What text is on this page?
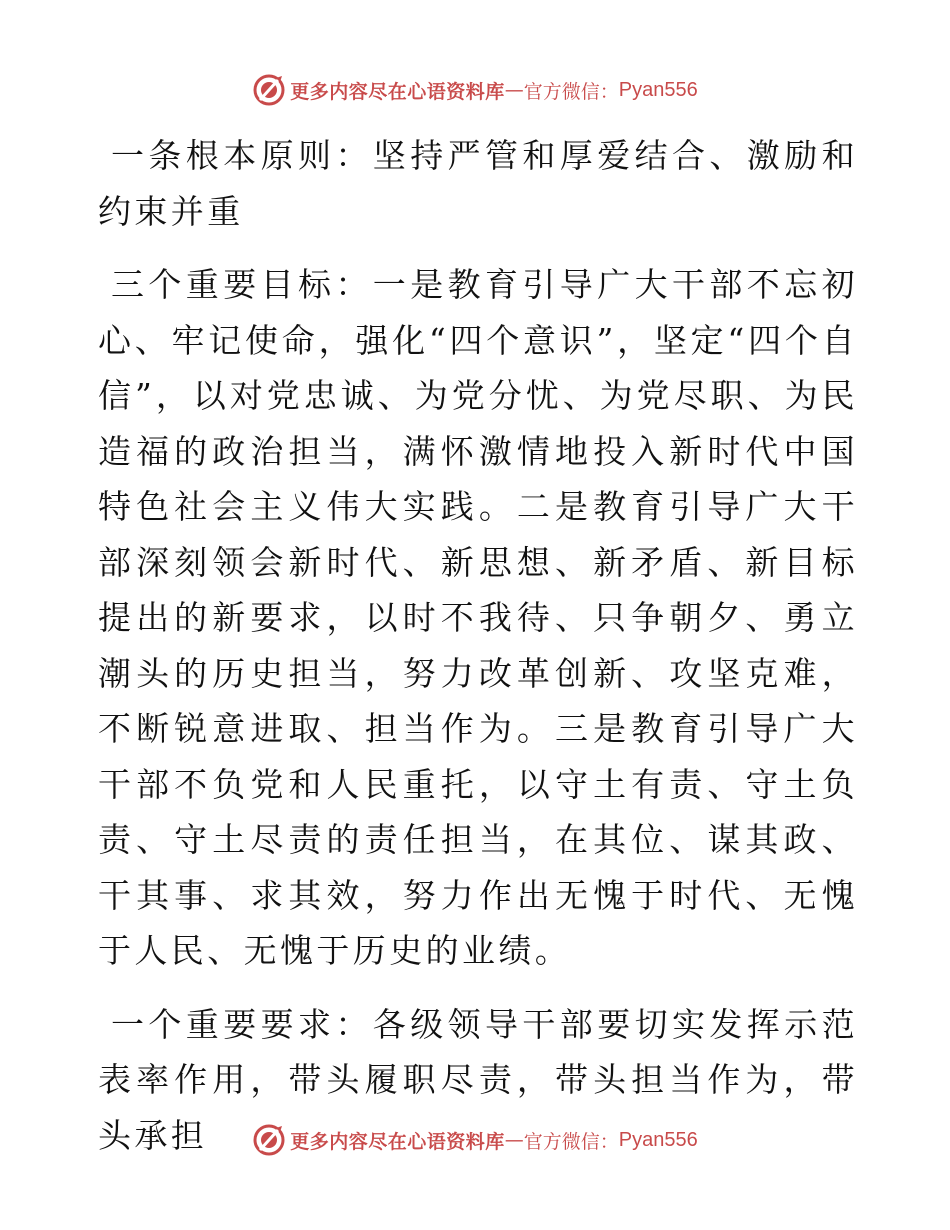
更多内容尽在心语资料库 — 官方微信： Pyan556

一条根本原则：坚持严管和厚爱结合、激励和约束并重

三个重要目标：一是教育引导广大干部不忘初心、牢记使命，强化“四个意识”，坚定“四个自信”，以对党忠诚、为党分忧、为党尽职、为民造福的政治担当，满怀激情地投入新时代中国特色社会主义伟大实践。二是教育引导广大干部深刻领会新时代、新思想、新矛盾、新目标提出的新要求，以时不我待、只争朝夕、勇立潮头的历史担当，努力改革创新、攻坚克难，不断锐意进取、担当作为。三是教育引导广大干部不负党和人民重托，以守土有责、守土负责、守土尽责的责任担当，在其位、谋其政、干其事、求其效，努力作出无愧于时代、无愧于人民、无愧于历史的业绩。

一个重要要求：各级领导干部要切实发挥示范表率作用，带头履职尽责，带头担当作为，带头承担	更多内容尽在心语资料库 — 官方微信： Pyan556
